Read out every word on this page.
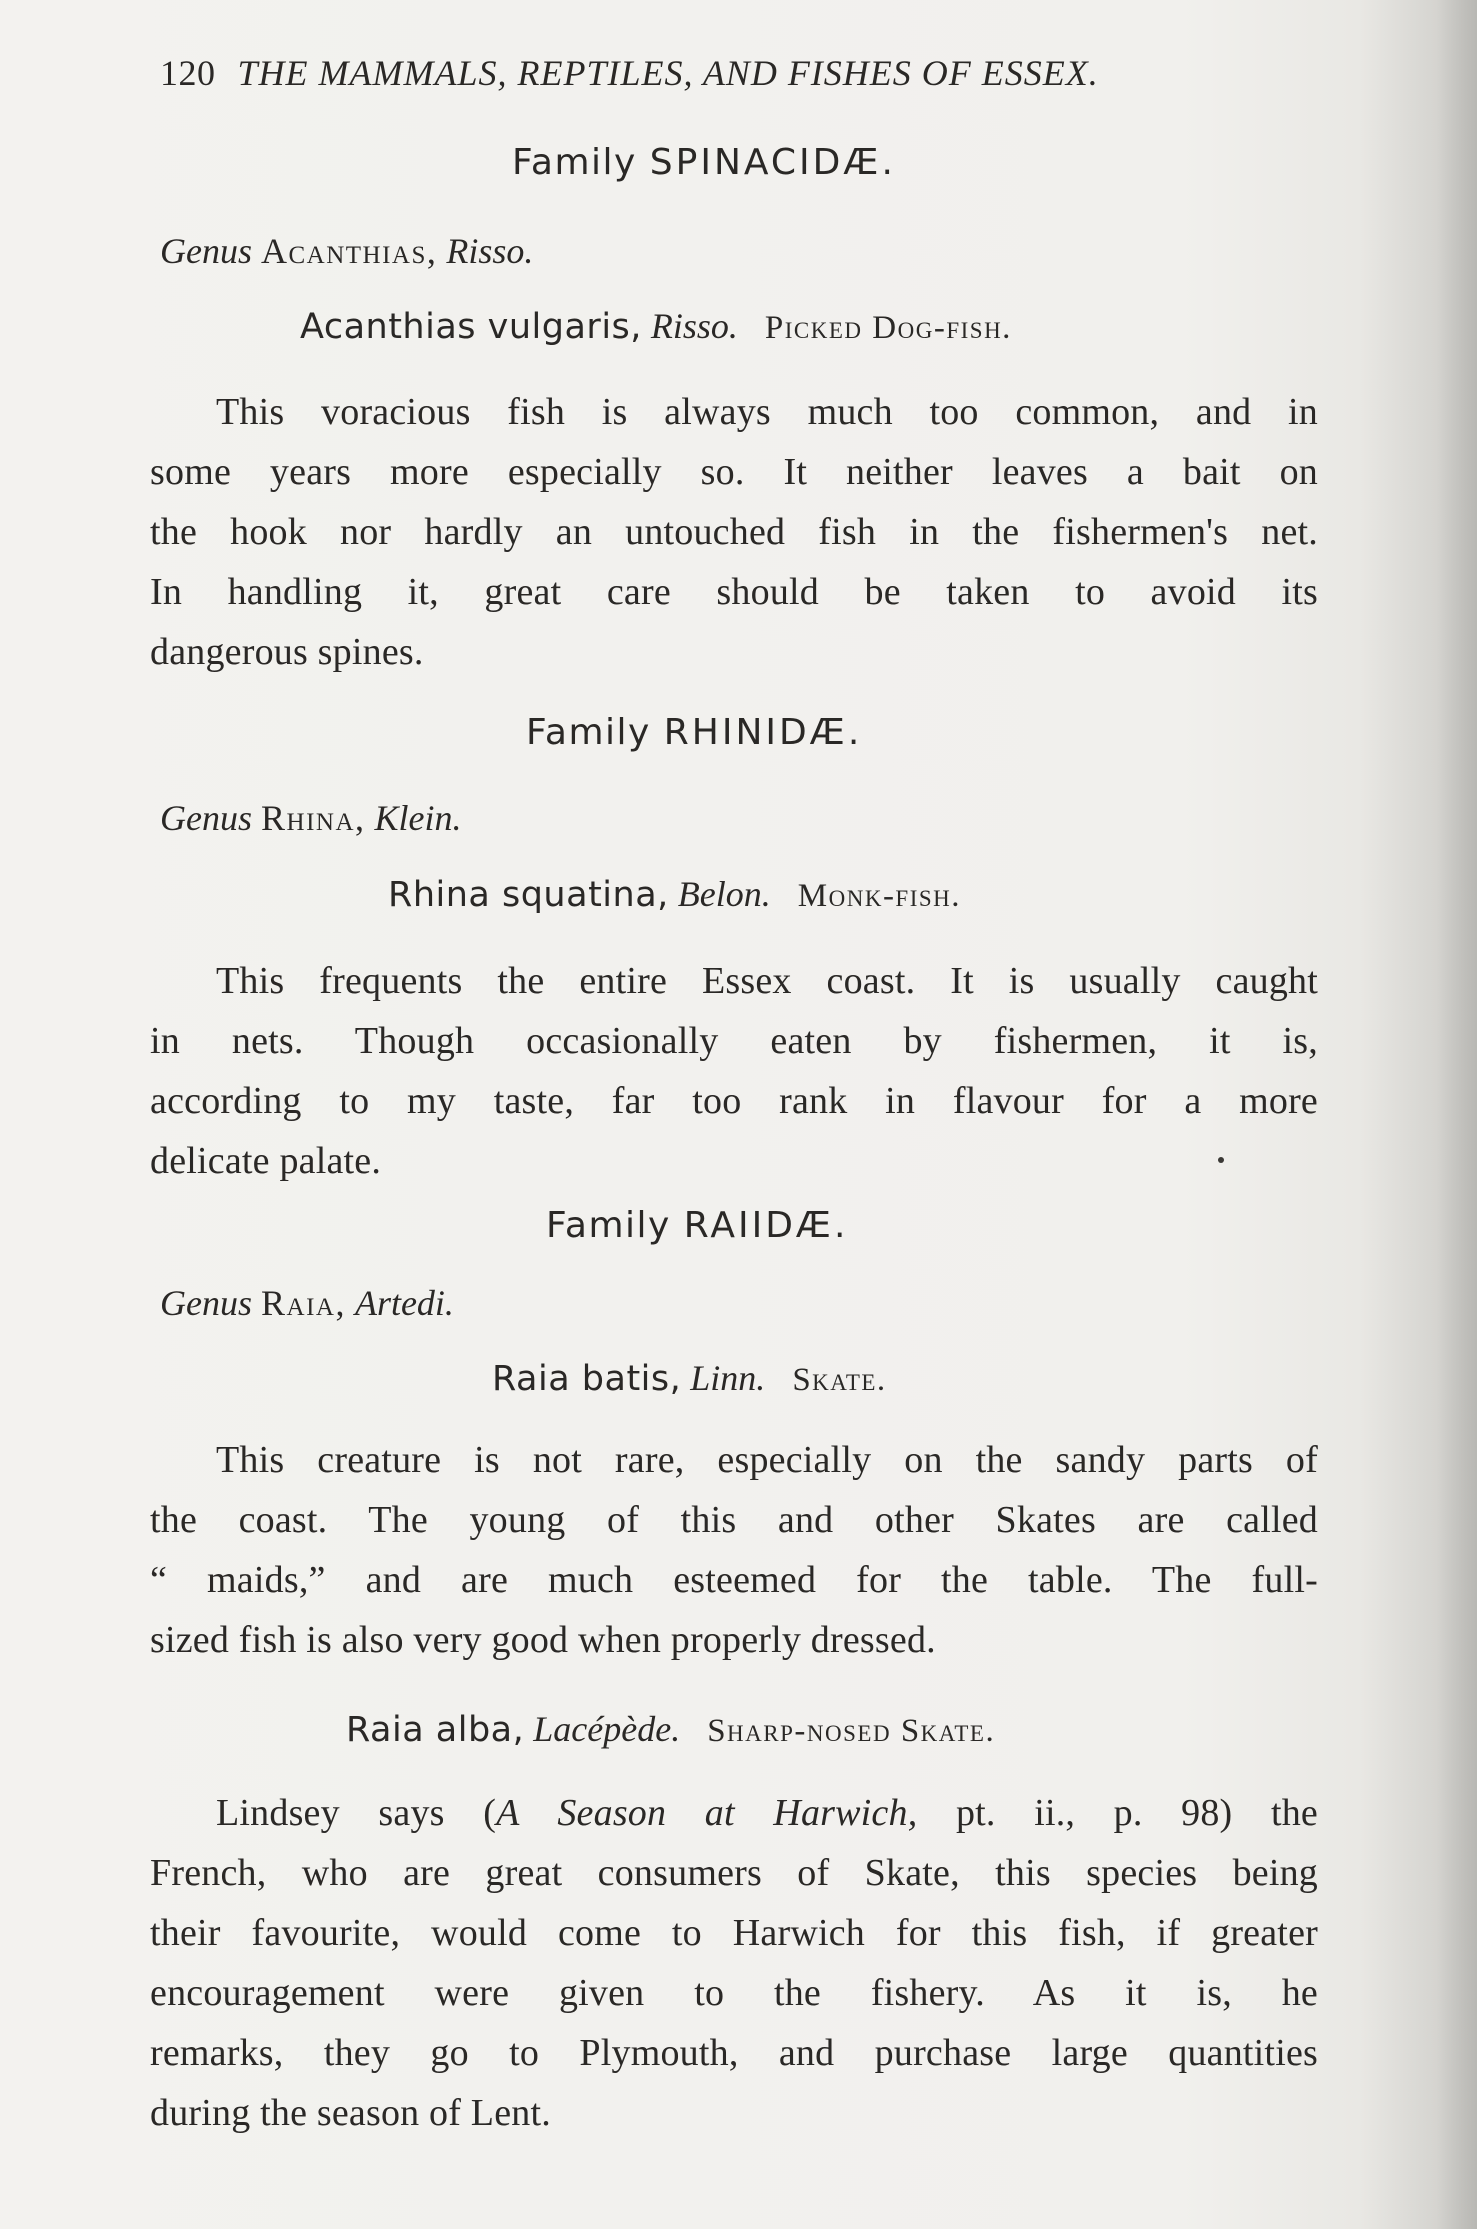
120 THE MAMMALS, REPTILES, AND FISHES OF ESSEX.
Family SPINACIDÆ.
Genus Acanthias, Risso.
Acanthias vulgaris, Risso. Picked Dog-fish.
This voracious fish is always much too common, and in
some years more especially so. It neither leaves a bait on
the hook nor hardly an untouched fish in the fishermen's net.
In handling it, great care should be taken to avoid its
dangerous spines.
Family RHINIDÆ.
Genus Rhina, Klein.
Rhina squatina, Belon. Monk-fish.
This frequents the entire Essex coast. It is usually caught
in nets. Though occasionally eaten by fishermen, it is,
according to my taste, far too rank in flavour for a more
delicate palate.
Family RAIIDÆ.
Genus Raia, Artedi.
Raia batis, Linn. Skate.
This creature is not rare, especially on the sandy parts of
the coast. The young of this and other Skates are called
“ maids,” and are much esteemed for the table. The full-
sized fish is also very good when properly dressed.
Raia alba, Lacépède. Sharp-nosed Skate.
Lindsey says (A Season at Harwich, pt. ii., p. 98) the
French, who are great consumers of Skate, this species being
their favourite, would come to Harwich for this fish, if greater
encouragement were given to the fishery. As it is, he
remarks, they go to Plymouth, and purchase large quantities
during the season of Lent.
